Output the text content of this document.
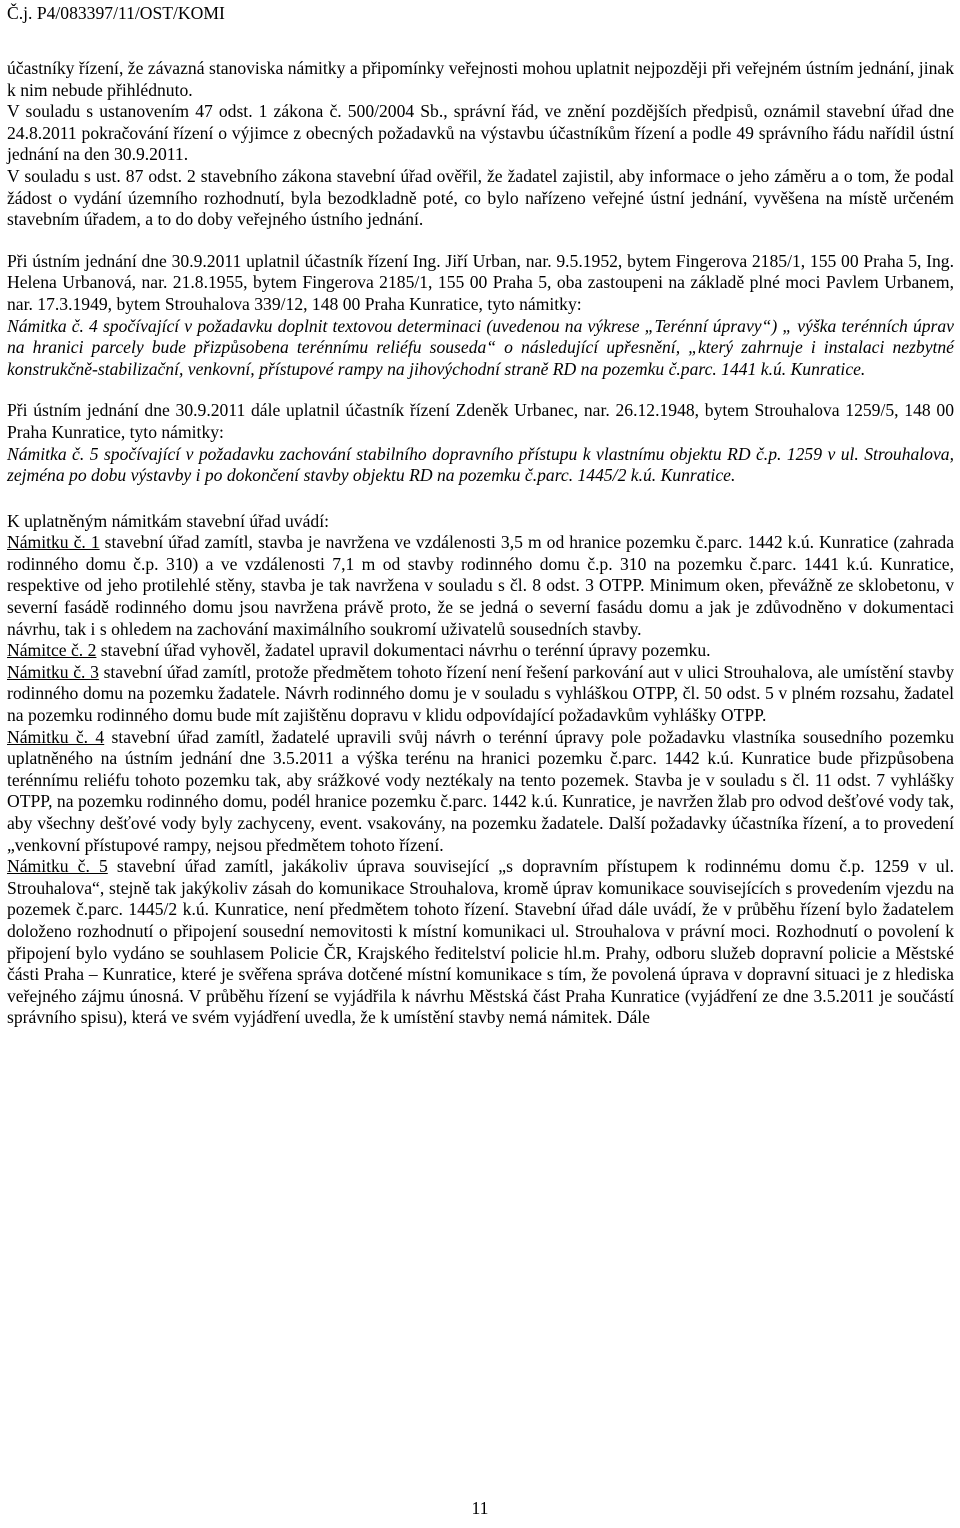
Č.j. P4/083397/11/OST/KOMI

účastníky řízení, že závazná stanoviska námitky a připomínky veřejnosti mohou uplatnit nejpozději při veřejném ústním jednání, jinak k nim nebude přihlédnuto.

V souladu s ustanovením 47 odst. 1 zákona č. 500/2004 Sb., správní řád, ve znění pozdějších předpisů, oznámil stavební úřad dne 24.8.2011 pokračování řízení o výjimce z obecných požadavků na výstavbu účastníkům řízení a podle 49 správního řádu nařídil ústní jednání na den 30.9.2011.

V souladu s ust. 87 odst. 2 stavebního zákona stavební úřad ověřil, že žadatel zajistil, aby informace o jeho záměru a o tom, že podal žádost o vydání územního rozhodnutí, byla bezodkladně poté, co bylo nařízeno veřejné ústní jednání, vyvěšena na místě určeném stavebním úřadem, a to do doby veřejného ústního jednání.

Při ústním jednání dne 30.9.2011 uplatnil účastník řízení Ing. Jiří Urban, nar. 9.5.1952, bytem Fingerova 2185/1, 155 00 Praha 5, Ing. Helena Urbanová, nar. 21.8.1955, bytem Fingerova 2185/1, 155 00 Praha 5, oba zastoupeni na základě plné moci Pavlem Urbanem, nar. 17.3.1949, bytem Strouhalova 339/12, 148 00 Praha Kunratice, tyto námitky:

Námitka č. 4 spočívající v požadavku doplnit textovou determinaci (uvedenou na výkrese „Terénní úpravy“) „ výška terénních úprav na hranici parcely bude přizpůsobena terénnímu reliéfu souseda“ o následující upřesnění, „který zahrnuje i instalaci nezbytné konstrukčně-stabilizační, venkovní, přístupové rampy na jihovýchodní straně RD na pozemku č.parc. 1441 k.ú. Kunratice.

Při ústním jednání dne 30.9.2011 dále uplatnil účastník řízení Zdeněk Urbanec, nar. 26.12.1948, bytem Strouhalova 1259/5, 148 00 Praha Kunratice, tyto námitky:

Námitka č. 5 spočívající v požadavku zachování stabilního dopravního přístupu k vlastnímu objektu RD č.p. 1259 v ul. Strouhalova, zejména po dobu výstavby i po dokončení stavby objektu RD na pozemku č.parc. 1445/2 k.ú. Kunratice.

K uplatněným námitkám stavební úřad uvádí:

Námitku č. 1 stavební úřad zamítl, stavba je navržena ve vzdálenosti 3,5 m od hranice pozemku č.parc. 1442 k.ú. Kunratice (zahrada rodinného domu č.p. 310) a ve vzdálenosti 7,1 m od stavby rodinného domu č.p. 310 na pozemku č.parc. 1441 k.ú. Kunratice, respektive od jeho protilehlé stěny, stavba je tak navržena v souladu s čl. 8 odst. 3 OTPP. Minimum oken, převážně ze sklobetonu, v severní fasádě rodinného domu jsou navržena právě proto, že se jedná o severní fasádu domu a jak je zdůvodněno v dokumentaci návrhu, tak i s ohledem na zachování maximálního soukromí uživatelů sousedních stavby.

Námitce č. 2 stavební úřad vyhověl, žadatel upravil dokumentaci návrhu o terénní úpravy pozemku.

Námitku č. 3 stavební úřad zamítl, protože předmětem tohoto řízení není řešení parkování aut v ulici Strouhalova, ale umístění stavby rodinného domu na pozemku žadatele. Návrh rodinného domu je v souladu s vyhláškou OTPP, čl. 50 odst. 5 v plném rozsahu, žadatel na pozemku rodinného domu bude mít zajištěnu dopravu v klidu odpovídající požadavkům vyhlášky OTPP.

Námitku č. 4 stavební úřad zamítl, žadatelé upravili svůj návrh o terénní úpravy pole požadavku vlastníka sousedního pozemku uplatněného na ústním jednání dne 3.5.2011 a výška terénu na hranici pozemku č.parc. 1442 k.ú. Kunratice bude přizpůsobena terénnímu reliéfu tohoto pozemku tak, aby srážkové vody neztékaly na tento pozemek. Stavba je v souladu s čl. 11 odst. 7 vyhlášky OTPP, na pozemku rodinného domu, podél hranice pozemku č.parc. 1442 k.ú. Kunratice, je navržen žlab pro odvod dešťové vody tak, aby všechny dešťové vody byly zachyceny, event. vsakovány, na pozemku žadatele. Další požadavky účastníka řízení, a to provedení „venkovní přístupové rampy, nejsou předmětem tohoto řízení.

Námitku č. 5 stavební úřad zamítl, jakákoliv úprava související „s dopravním přístupem k rodinnému domu č.p. 1259 v ul. Strouhalova“, stejně tak jakýkoliv zásah do komunikace Strouhalova, kromě úprav komunikace souvisejících s provedením vjezdu na pozemek č.parc. 1445/2 k.ú. Kunratice, není předmětem tohoto řízení. Stavební úřad dále uvádí, že v průběhu řízení bylo žadatelem doloženo rozhodnutí o připojení sousední nemovitosti k místní komunikaci ul. Strouhalova v právní moci. Rozhodnutí o povolení k připojení bylo vydáno se souhlasem Policie ČR, Krajského ředitelství policie hl.m. Prahy, odboru služeb dopravní policie a Městské části Praha – Kunratice, které je svěřena správa dotčené místní komunikace s tím, že povolená úprava v dopravní situaci je z hlediska veřejného zájmu únosná. V průběhu řízení se vyjádřila k návrhu Městská část Praha Kunratice (vyjádření ze dne 3.5.2011 je součástí správního spisu), která ve svém vyjádření uvedla, že k umístění stavby nemá námitek. Dále

11
